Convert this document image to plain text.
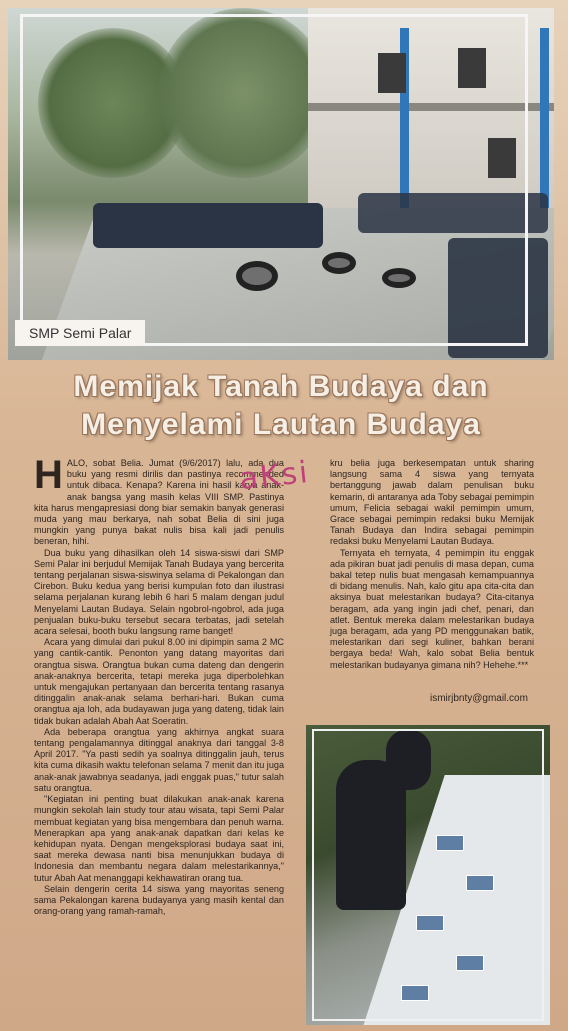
SMP Semi Palar
Memijak Tanah Budaya dan
Menyelami Lautan Budaya

HALO, sobat Belia. Jumat (9/6/2017) lalu, ada dua buku yang resmi dirilis dan pastinya recommended untuk dibaca. Kenapa? Karena ini hasil karya anak-anak bangsa yang masih kelas VIII SMP. Pastinya kita harus mengapresiasi dong biar semakin banyak generasi muda yang mau berkarya, nah sobat Belia di sini juga mungkin yang punya bakat nulis bisa kali jadi penulis beneran, hihi.

Dua buku yang dihasilkan oleh 14 siswa-siswi dari SMP Semi Palar ini berjudul Memijak Tanah Budaya yang bercerita tentang perjalanan siswa-siswinya selama di Pekalongan dan Cirebon. Buku kedua yang berisi kumpulan foto dan ilustrasi selama perjalanan kurang lebih 6 hari 5 malam dengan judul Menyelami Lautan Budaya. Selain ngobrol-ngobrol, ada juga penjualan buku-buku tersebut secara terbatas, jadi setelah acara selesai, booth buku langsung rame banget!

Acara yang dimulai dari pukul 8.00 ini dipimpin sama 2 MC yang cantik-cantik. Penonton yang datang mayoritas dari orangtua siswa. Orangtua bukan cuma dateng dan dengerin anak-anaknya bercerita, tetapi mereka juga diperbolehkan untuk mengajukan pertanyaan dan bercerita tentang rasanya ditinggalin anak-anak selama berhari-hari. Bukan cuma orangtua aja loh, ada budayawan juga yang dateng, tidak lain tidak bukan adalah Abah Aat Soeratin.

Ada beberapa orangtua yang akhirnya angkat suara tentang pengalamannya ditinggal anaknya dari tanggal 3-8 April 2017. "Ya pasti sedih ya soalnya ditinggalin jauh, terus kita cuma dikasih waktu telefonan selama 7 menit dan itu juga anak-anak jawabnya seadanya, jadi enggak puas," tutur salah satu orangtua.

"Kegiatan ini penting buat dilakukan anak-anak karena mungkin sekolah lain study tour atau wisata, tapi Semi Palar membuat kegiatan yang bisa mengembara dan penuh warna. Menerapkan apa yang anak-anak dapatkan dari kelas ke kehidupan nyata. Dengan mengeksplorasi budaya saat ini, saat mereka dewasa nanti bisa menunjukkan budaya di Indonesia dan membantu negara dalam melestarikannya," tutur Abah Aat menanggapi kekhawatiran orang tua.

Selain dengerin cerita 14 siswa yang mayoritas seneng sama Pekalongan karena budayanya yang masih kental dan orang-orang yang ramah-ramah,

aKsi	kru belia juga berkesempatan untuk sharing langsung sama 4 siswa yang ternyata bertanggung jawab dalam penulisan buku kemarin, di antaranya ada Toby sebagai pemimpin umum, Felicia sebagai wakil pemimpin umum, Grace sebagai pemimpin redaksi buku Memijak Tanah Budaya dan Indira sebagai pemimpin redaksi buku Menyelami Lautan Budaya.

Ternyata eh ternyata, 4 pemimpin itu enggak ada pikiran buat jadi penulis di masa depan, cuma bakal tetep nulis buat mengasah kemampuannya di bidang menulis. Nah, kalo gitu apa cita-cita dan aksinya buat melestarikan budaya? Cita-citanya beragam, ada yang ingin jadi chef, penari, dan atlet. Bentuk mereka dalam melestarikan budaya juga beragam, ada yang PD menggunakan batik, melestarikan dari segi kuliner, bahkan berani bergaya beda! Wah, kalo sobat Belia bentuk melestarikan budayanya gimana nih? Hehehe.***

ismirjbnty@gmail.com
